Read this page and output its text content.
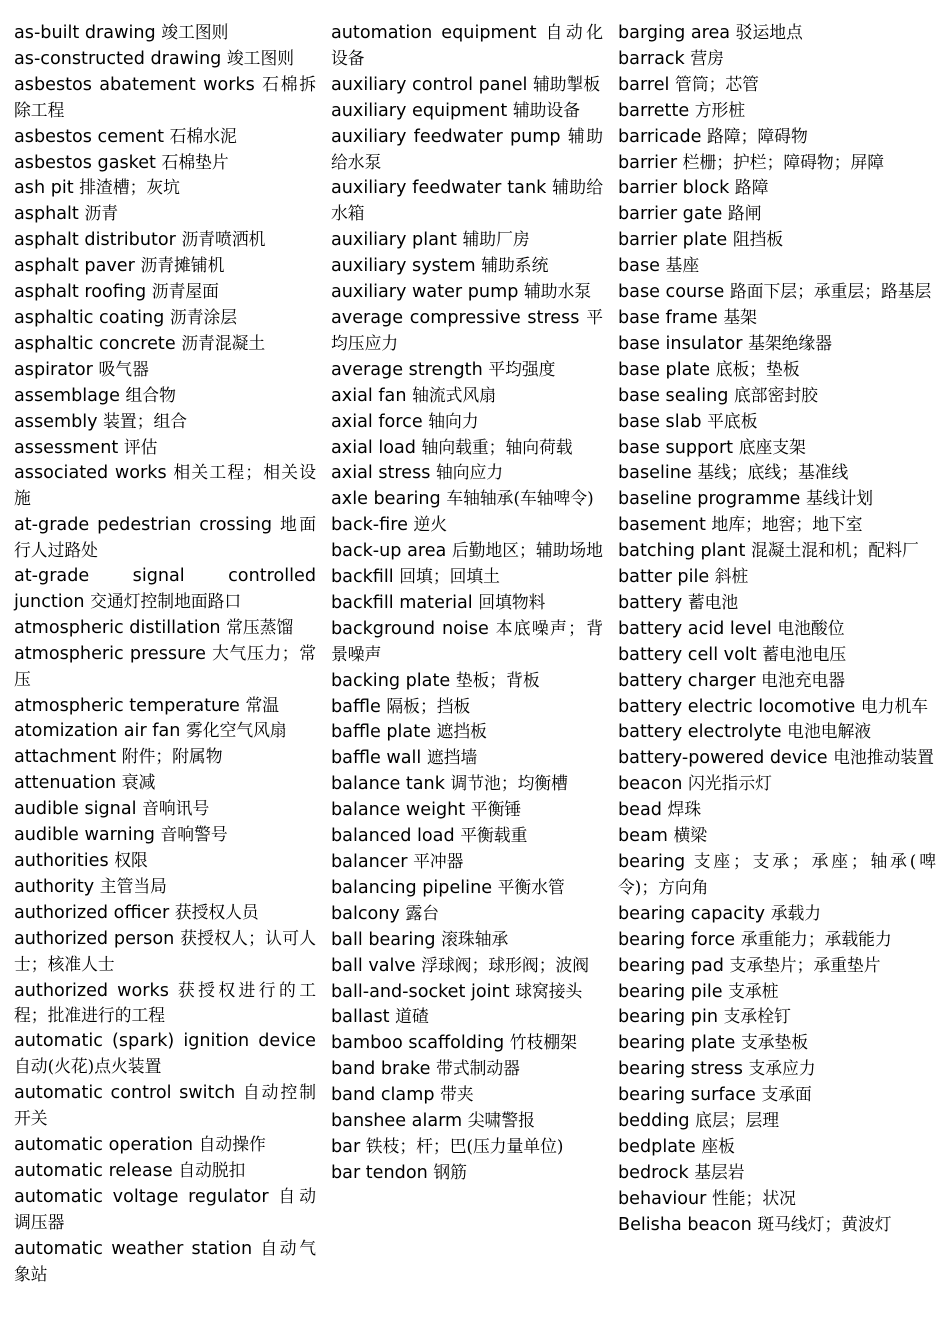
as-built drawing 竣工图则
as-constructed drawing 竣工图则
asbestos abatement works 石棉拆除工程
asbestos cement 石棉水泥
asbestos gasket 石棉垫片
ash pit 排渣槽；灰坑
asphalt 沥青
asphalt distributor 沥青喷洒机
asphalt paver 沥青摊铺机
asphalt roofing 沥青屋面
asphaltic coating 沥青涂层
asphaltic concrete 沥青混凝土
aspirator 吸气器
assemblage 组合物
assembly 装置；组合
assessment 评估
associated works 相关工程；相关设施
at-grade pedestrian crossing 地面行人过路处
at-grade signal controlled junction 交通灯控制地面路口
atmospheric distillation 常压蒸馏
atmospheric pressure 大气压力；常压
atmospheric temperature 常温
atomization air fan 雾化空气风扇
attachment 附件；附属物
attenuation 衰减
audible signal 音响讯号
audible warning 音响警号
authorities 权限
authority 主管当局
authorized officer 获授权人员
authorized person 获授权人；认可人士；核准人士
authorized works 获授权进行的工程；批准进行的工程
automatic (spark) ignition device 自动(火花)点火装置
automatic control switch 自动控制开关
automatic operation 自动操作
automatic release 自动脱扣
automatic voltage regulator 自动调压器
automatic weather station 自动气象站
automation equipment 自动化设备
auxiliary control panel 辅助掣板
auxiliary equipment 辅助设备
auxiliary feedwater pump 辅助给水泵
auxiliary feedwater tank 辅助给水箱
auxiliary plant 辅助厂房
auxiliary system 辅助系统
auxiliary water pump 辅助水泵
average compressive stress 平均压应力
average strength 平均强度
axial fan 轴流式风扇
axial force 轴向力
axial load 轴向载重；轴向荷载
axial stress 轴向应力
axle bearing 车轴轴承(车轴啤令)
back-fire 逆火
back-up area 后勤地区；辅助场地
backfill 回填；回填土
backfill material 回填物料
background noise 本底噪声；背景噪声
backing plate 垫板；背板
baffle 隔板；挡板
baffle plate 遮挡板
baffle wall 遮挡墙
balance tank 调节池；均衡槽
balance weight 平衡锤
balanced load 平衡载重
balancer 平冲器
balancing pipeline 平衡水管
balcony 露台
ball bearing 滚珠轴承
ball valve 浮球阀；球形阀；波阀
ball-and-socket joint 球窝接头
ballast 道碴
bamboo scaffolding 竹枝棚架
band brake 带式制动器
band clamp 带夹
banshee alarm 尖啸警报
bar 铁枝；杆；巴(压力量单位)
bar tendon 钢筋
barging area 驳运地点
barrack 营房
barrel 管筒；芯管
barrette 方形桩
barricade 路障；障碍物
barrier 栏栅；护栏；障碍物；屏障
barrier block 路障
barrier gate 路闸
barrier plate 阻挡板
base 基座
base course 路面下层；承重层；路基层
base frame 基架
base insulator 基架绝缘器
base plate 底板；垫板
base sealing 底部密封胶
base slab 平底板
base support 底座支架
baseline 基线；底线；基准线
baseline programme 基线计划
basement 地库；地窖；地下室
batching plant 混凝土混和机；配料厂
batter pile 斜桩
battery 蓄电池
battery acid level 电池酸位
battery cell volt 蓄电池电压
battery charger 电池充电器
battery electric locomotive 电力机车
battery electrolyte 电池电解液
battery-powered device 电池推动装置
beacon 闪光指示灯
bead 焊珠
beam 横梁
bearing 支座；支承；承座；轴承(啤令)；方向角
bearing capacity 承载力
bearing force 承重能力；承载能力
bearing pad 支承垫片；承重垫片
bearing pile 支承桩
bearing pin 支承栓钉
bearing plate 支承垫板
bearing stress 支承应力
bearing surface 支承面
bedding 底层；层理
bedplate 座板
bedrock 基层岩
behaviour 性能；状况
Belisha beacon 斑马线灯；黄波灯
